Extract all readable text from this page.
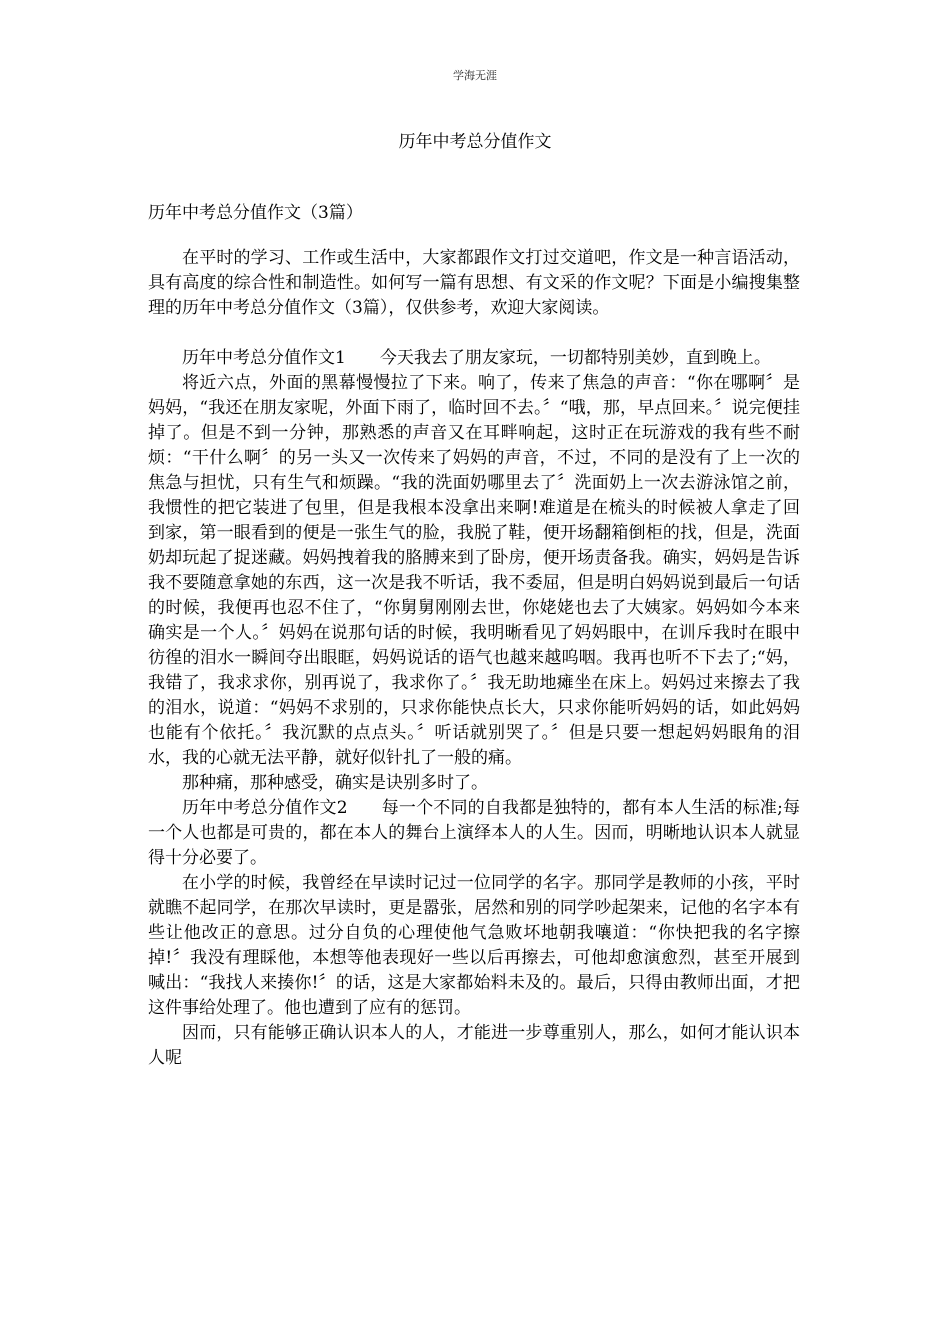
学海无涯
历年中考总分值作文

历年中考总分值作文（3篇）

在平时的学习、工作或生活中，大家都跟作文打过交道吧，作文是一种言语活动，具有高度的综合性和制造性。如何写一篇有思想、有文采的作文呢？下面是小编搜集整理的历年中考总分值作文（3篇），仅供参考，欢迎大家阅读。

历年中考总分值作文1 今天我去了朋友家玩，一切都特别美妙，直到晚上。

将近六点，外面的黑幕慢慢拉了下来。响了，传来了焦急的声音：“你在哪啊〞是妈妈，“我还在朋友家呢，外面下雨了，临时回不去。〞“哦，那，早点回来。〞说完便挂掉了。但是不到一分钟，那熟悉的声音又在耳畔响起，这时正在玩游戏的我有些不耐烦：“干什么啊〞的另一头又一次传来了妈妈的声音，不过，不同的是没有了上一次的焦急与担忧，只有生气和烦躁。“我的洗面奶哪里去了〞洗面奶上一次去游泳馆之前，我惯性的把它装进了包里，但是我根本没拿出来啊!难道是在梳头的时候被人拿走了回到家，第一眼看到的便是一张生气的脸，我脱了鞋，便开场翻箱倒柜的找，但是，洗面奶却玩起了捉迷藏。妈妈拽着我的胳膊来到了卧房，便开场责备我。确实，妈妈是告诉我不要随意拿她的东西，这一次是我不听话，我不委屈，但是明白妈妈说到最后一句话的时候，我便再也忍不住了，“你舅舅刚刚去世，你姥姥也去了大姨家。妈妈如今本来确实是一个人。〞妈妈在说那句话的时候，我明晰看见了妈妈眼中，在训斥我时在眼中彷徨的泪水一瞬间夺出眼眶，妈妈说话的语气也越来越呜咽。我再也听不下去了;“妈，我错了，我求求你，别再说了，我求你了。〞我无助地瘫坐在床上。妈妈过来擦去了我的泪水，说道：“妈妈不求别的，只求你能快点长大，只求你能听妈妈的话，如此妈妈也能有个依托。〞我沉默的点点头。〞听话就别哭了。〞但是只要一想起妈妈眼角的泪水，我的心就无法平静，就好似针扎了一般的痛。

那种痛，那种感受，确实是诀别多时了。

历年中考总分值作文2 每一个不同的自我都是独特的，都有本人生活的标准;每一个人也都是可贵的，都在本人的舞台上演绎本人的人生。因而，明晰地认识本人就显得十分必要了。

在小学的时候，我曾经在早读时记过一位同学的名字。那同学是教师的小孩，平时就瞧不起同学，在那次早读时，更是嚣张，居然和别的同学吵起架来，记他的名字本有些让他改正的意思。过分自负的心理使他气急败坏地朝我嚷道：“你快把我的名字擦掉!〞我没有理睬他，本想等他表现好一些以后再擦去，可他却愈演愈烈，甚至开展到喊出：“我找人来揍你!〞的话，这是大家都始料未及的。最后，只得由教师出面，才把这件事给处理了。他也遭到了应有的惩罚。

因而，只有能够正确认识本人的人，才能进一步尊重别人，那么，如何才能认识本人呢
